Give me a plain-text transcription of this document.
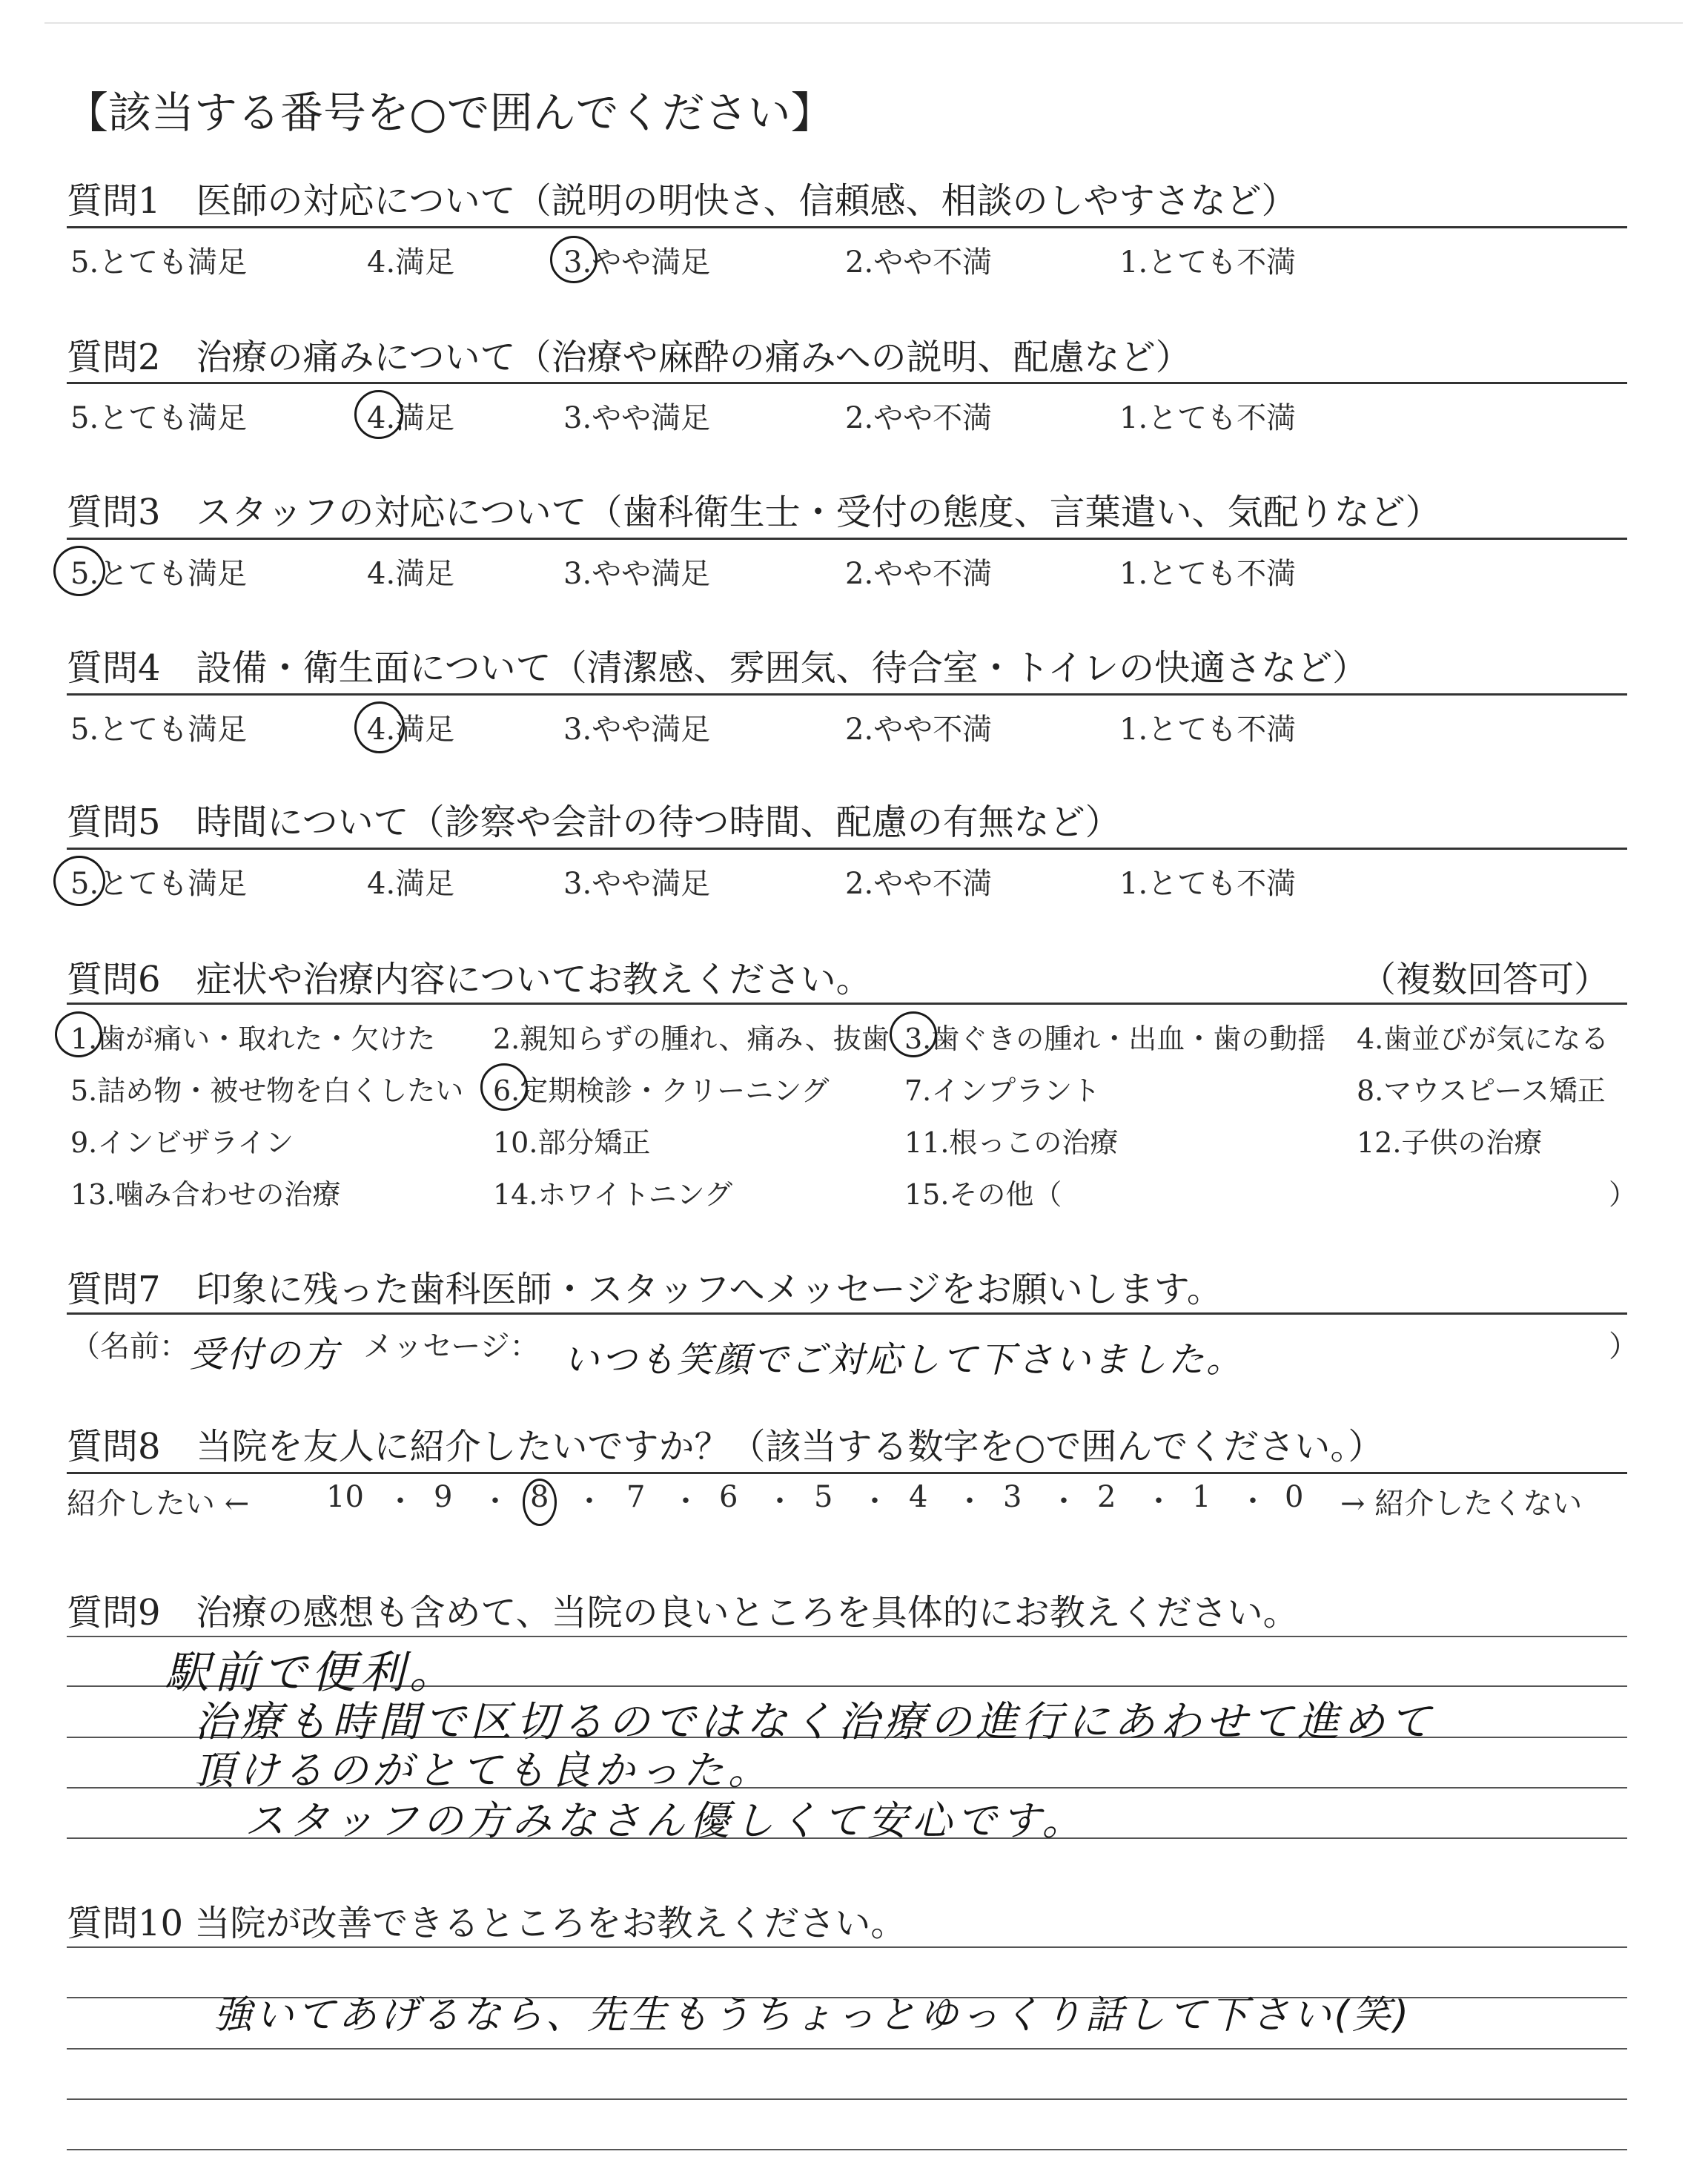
【該当する番号を○で囲んでください】
質問1　医師の対応について（説明の明快さ、信頼感、相談のしやすさなど）
5.とても満足	4.満足	3.やや満足	2.やや不満	1.とても不満
質問2　治療の痛みについて（治療や麻酔の痛みへの説明、配慮など）
5.とても満足	4.満足	3.やや満足	2.やや不満	1.とても不満
質問3　スタッフの対応について（歯科衛生士・受付の態度、言葉遣い、気配りなど）
5.とても満足	4.満足	3.やや満足	2.やや不満	1.とても不満
質問4　設備・衛生面について（清潔感、雰囲気、待合室・トイレの快適さなど）
5.とても満足	4.満足	3.やや満足	2.やや不満	1.とても不満
質問5　時間について（診察や会計の待つ時間、配慮の有無など）
5.とても満足	4.満足	3.やや満足	2.やや不満	1.とても不満
質問6　症状や治療内容についてお教えください。	（複数回答可）
1.歯が痛い・取れた・欠けた 2.親知らずの腫れ、痛み、抜歯 3.歯ぐきの腫れ・出血・歯の動揺 4.歯並びが気になる
5.詰め物・被せ物を白くしたい 6.定期検診・クリーニング	7.インプラント	8.マウスピース矯正
9.インビザライン	10.部分矯正	11.根っこの治療	12.子供の治療
13.噛み合わせの治療	14.ホワイトニング	15.その他（	）
質問7　印象に残った歯科医師・スタッフへメッセージをお願いします。
（名前： 受付の方 メッセージ： いつも笑顔でご対応して下さいました。	）
質問8　当院を友人に紹介したいですか？（該当する数字を○で囲んでください。）
紹介したい ←	→ 紹介したくない
10 9	8	7 6	5	4	3	2	1 0
・ ・ ・ ・ ・ ・ ・ ・ ・ ・
質問9　治療の感想も含めて、当院の良いところを具体的にお教えください。
駅前で便利。
治療も時間で区切るのではなく治療の進行にあわせて進めて
頂けるのがとても良かった。
スタッフの方みなさん優しくて安心です。
質問10 当院が改善できるところをお教えください。
強いてあげるなら、先生もうちょっとゆっくり話して下さい(笑)
